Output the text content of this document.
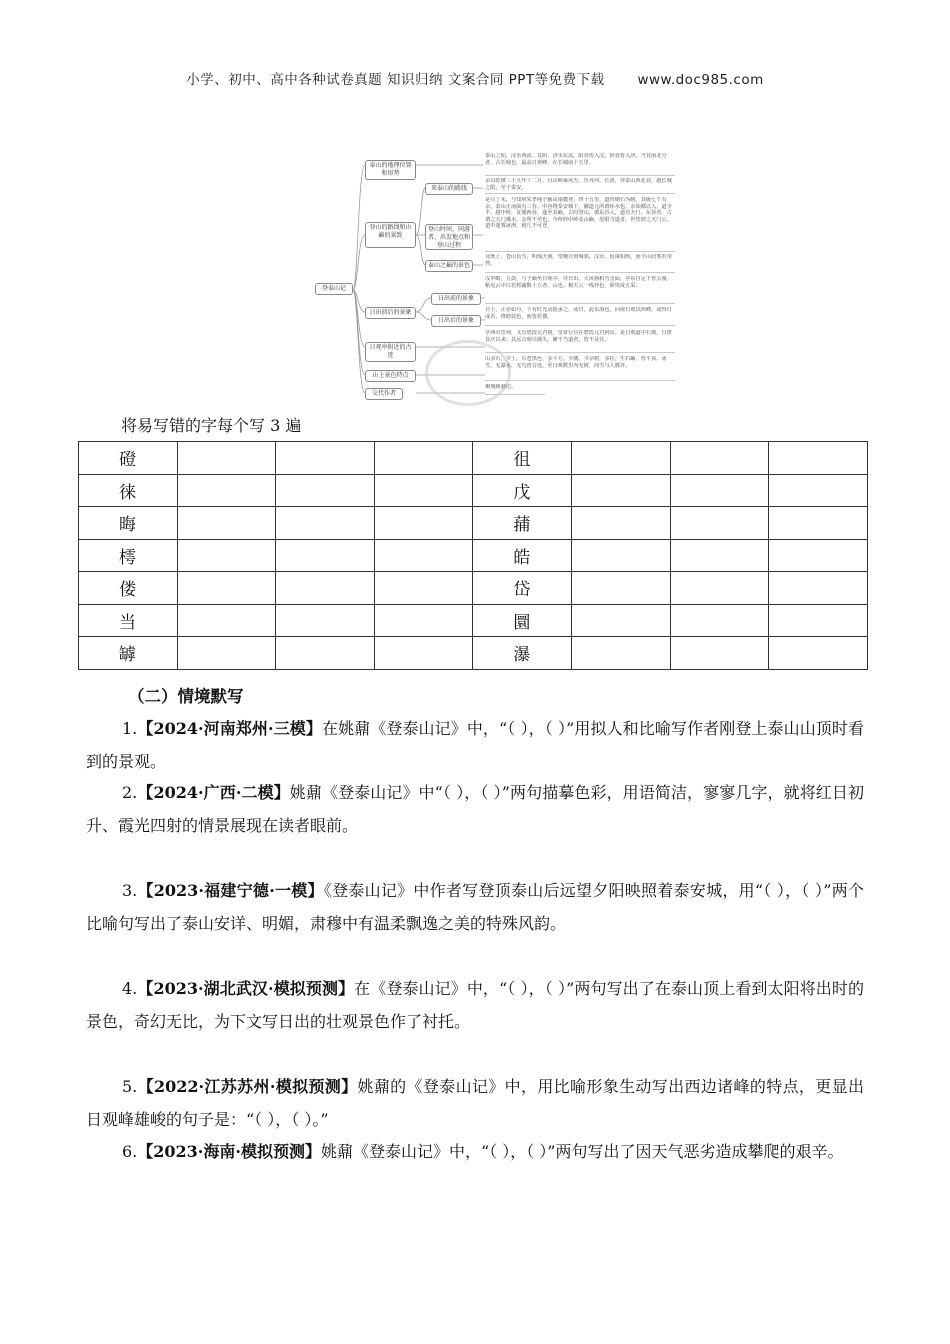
小学、初中、高中各种试卷真题 知识归纳 文案合同 PPT等免费下载 www.doc985.com
登泰山记
泰山的地理位置和形势
泰山之阳，汶水西流；其阴，济水东流。阳谷皆入汶，阴谷皆入济。当其南北分者，古长城也。最高日观峰，在长城南十五里。
登山的路线和山巅的景致
来泰山的路线
余以乾隆三十九年十二月，自京师乘风雪，历齐河、长清，穿泰山西北谷，越长城之限，至于泰安。
登山时间、同游者、出发地点和登山过程
是月丁未，与知府朱孝纯子颍由南麓登。四十五里，道皆砌石为磴，其级七千有余。泰山正南面有三谷。中谷绕泰安城下，郦道元所谓环水也。余始循以入，道少半，越中岭，复循西谷，遂至其巅。古时登山，循东谷入，道有天门。东谷者，古谓之天门溪水，余所不至也。今所经中岭及山巅，崖限当道者，世皆谓之天门云。道中迷雾冰滑，磴几不可登。
泰山之巅的景色
及既上，苍山负雪，明烛天南。望晚日照城郭，汶水、徂徕如画，而半山居雾若带然。
日出前后的景象
日出前的景象
戊申晦，五鼓，与子颍坐日观亭，待日出。大风扬积雪击面。亭东自足下皆云漫。稍见云中白若樗蒱数十立者，山也。极天云一线异色，须臾成五采。
日出后的景象
日上，正赤如丹，下有红光动摇承之，或曰，此东海也。回视日观以西峰，或得日或否，绛皓驳色，而皆若偻。
日观亭附近的古迹
亭西有岱祠，又有碧霞元君祠。皇帝行宫在碧霞元君祠东。是日观道中石刻，自唐显庆以来；其远古刻尽漫失。僻不当道者，皆不及往。
山上景色特点
山多石，少土。石苍黑色，多平方，少圜。少杂树，多松，生石罅，皆平顶。冰雪，无瀑水，无鸟兽音迹。至日观数里内无树，而雪与人膝齐。
交代作者
桐城姚鼐记。
将易写错的字每个写 3 遍
磴				徂			
徕				戊			
晦				蒱			
樗				皓			
偻				岱			
当				圜			
罅				瀑			
（二）情境默写
1.【2024·河南郑州·三模】在姚鼐《登泰山记》中，“（ ），（ ）”用拟人和比喻写作者刚登上泰山山顶时看到的景观。
2.【2024·广西·二模】姚鼐《登泰山记》中“（ ），（ ）”两句描摹色彩，用语简洁，寥寥几字，就将红日初升、霞光四射的情景展现在读者眼前。
3.【2023·福建宁德·一模】《登泰山记》中作者写登顶泰山后远望夕阳映照着泰安城，用“（ ），（ ）”两个比喻句写出了泰山安详、明媚，肃穆中有温柔飘逸之美的特殊风韵。
4.【2023·湖北武汉·模拟预测】在《登泰山记》中，“（ ），（ ）”两句写出了在泰山顶上看到太阳将出时的景色，奇幻无比，为下文写日出的壮观景色作了衬托。
5.【2022·江苏苏州·模拟预测】姚鼐的《登泰山记》中，用比喻形象生动写出西边诸峰的特点，更显出日观峰雄峻的句子是：“（ ），（ ）。”
6.【2023·海南·模拟预测】姚鼐《登泰山记》中，“（ ），（ ）”两句写出了因天气恶劣造成攀爬的艰辛。
